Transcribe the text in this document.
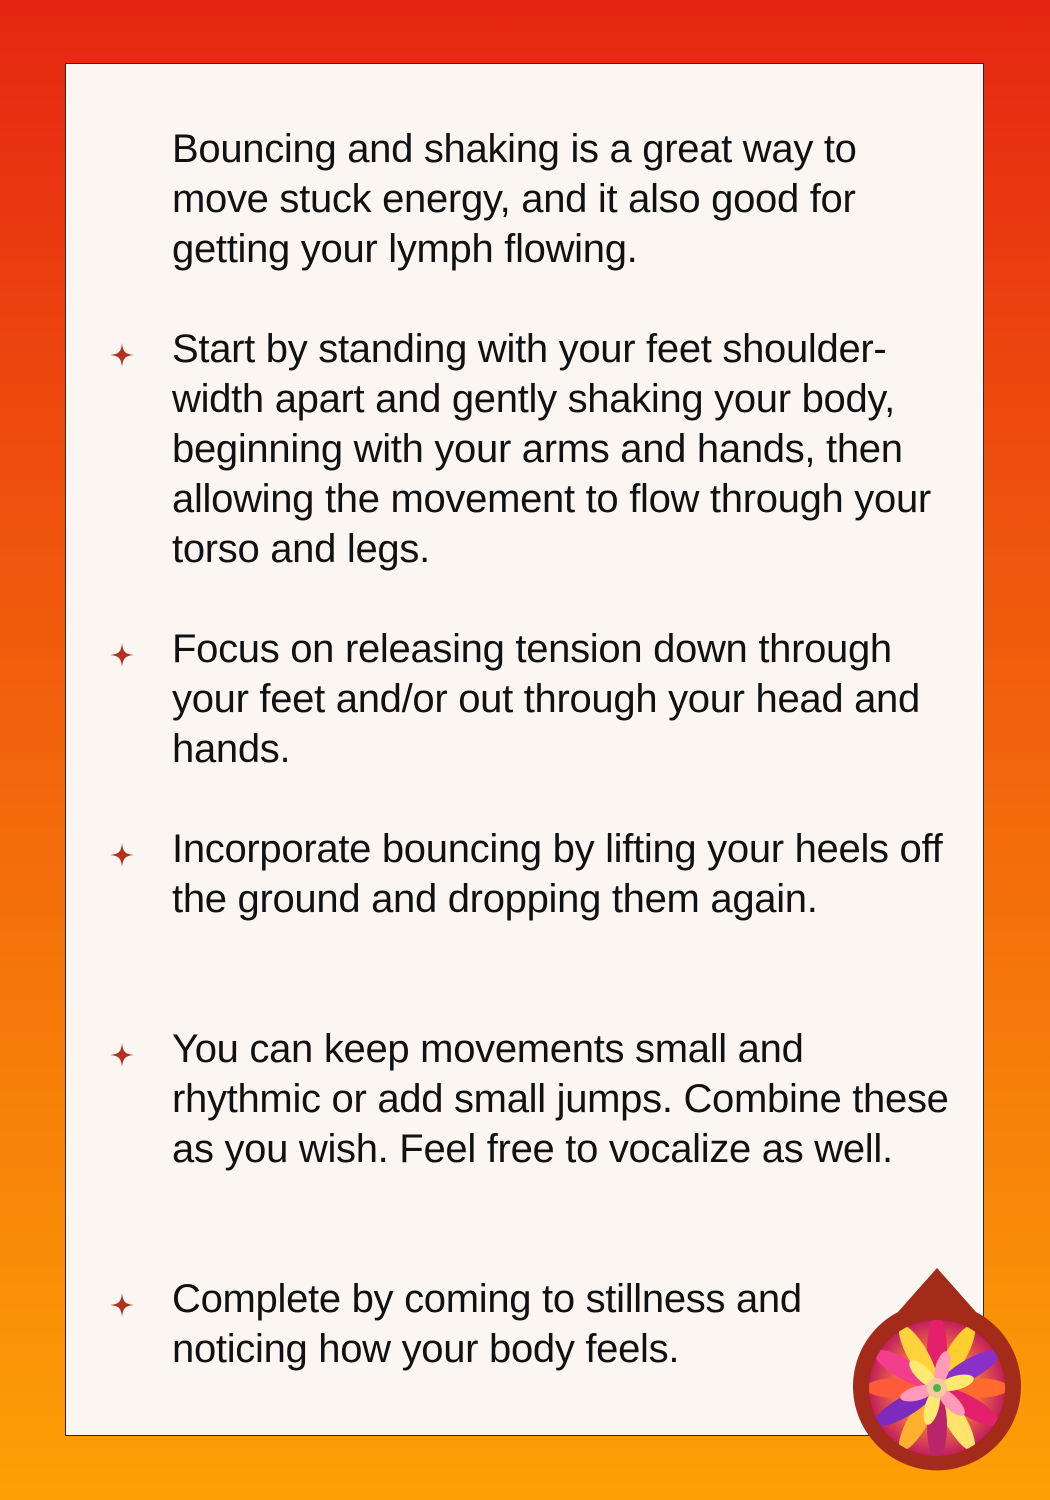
Bouncing and shaking is a great way to move stuck energy, and it also good for getting your lymph flowing.

Start by standing with your feet shoulder-width apart and gently shaking your body, beginning with your arms and hands, then allowing the movement to flow through your torso and legs.

Focus on releasing tension down through your feet and/or out through your head and hands.

Incorporate bouncing by lifting your heels off the ground and dropping them again.

You can keep movements small and rhythmic or add small jumps. Combine these as you wish. Feel free to vocalize as well.

Complete by coming to stillness and noticing how your body feels.
